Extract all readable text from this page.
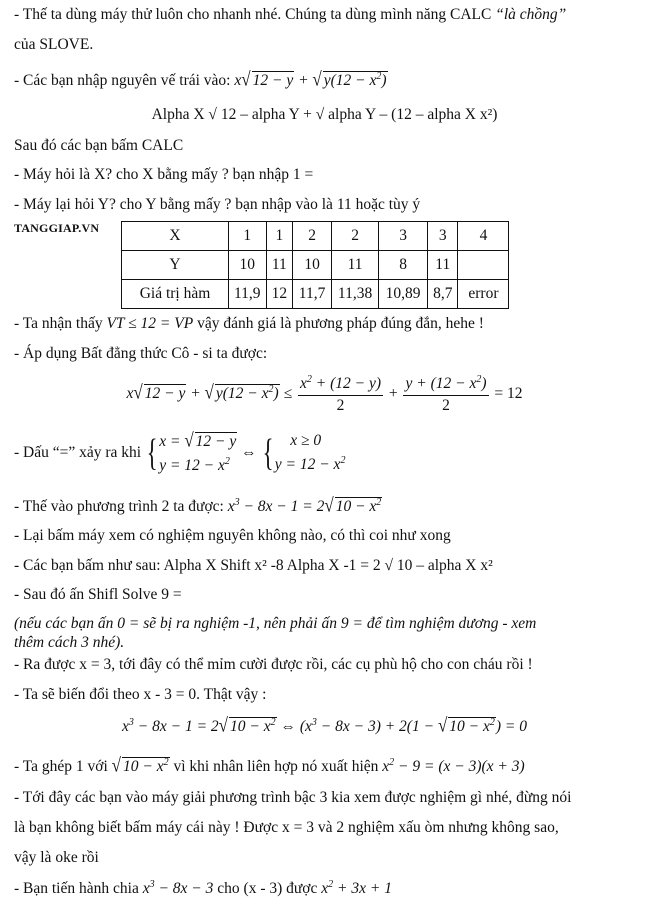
- Thế ta dùng máy thử luôn cho nhanh nhé. Chúng ta dùng mình năng CALC “là chồng”
của SLOVE.
- Các bạn nhập nguyên vế trái vào: x√ 12 − y + √ $y(12 - x^2)$
Alpha X √ 12 – alpha Y + √ alpha Y – (12 – alpha X x²)
Sau đó các bạn bấm CALC
- Máy hỏi là X? cho X bằng mấy ? bạn nhập 1 =
- Máy lại hỏi Y? cho Y bằng mấy ? bạn nhập vào là 11 hoặc tùy ý
TANGGIAP.VN	X	1	1	2	2	3	3	4
Y	10	11	10	11	8	11	
Giá trị hàm	11,9	12	11,7	11,38	10,89	8,7	error
- Ta nhận thấy VT ≤ 12 = VP vậy đánh giá là phương pháp đúng đắn, hehe !
- Áp dụng Bất đẳng thức Cô - si ta được:
x√ 12 − y + √ $y(12 - x^2) \le \frac{x^2 + (12 - y)}{2} + \frac{y + (12 - x^2)}{2} = 12$
- Dấu “=” xảy ra khi { x = √ 12 − y
$y = 12 - x^2$
⇔ { x ≥ 0
$y = 12 - x^2$
- Thế vào phương trình 2 ta được: $x^3 - 8x - 1 = 2√$ $10 - x^2$
- Lại bấm máy xem có nghiệm nguyên không nào, có thì coi như xong
- Các bạn bấm như sau: Alpha X Shift x² -8 Alpha X -1 = 2 √ 10 – alpha X x²
- Sau đó ấn Shifl Solve 9 =
(nếu các bạn ấn 0 = sẽ bị ra nghiệm -1, nên phải ấn 9 = để tìm nghiệm dương - xem
thêm cách 3 nhé).
- Ra được x = 3, tới đây có thể mỉm cười được rồi, các cụ phù hộ cho con cháu rồi !
- Ta sẽ biến đổi theo x - 3 = 0. Thật vậy :
$x^3 - 8x - 1 = 2√$ $10 - x^2$ ⇔ $(x^3 - 8x - 3) + 2(1$ − √ $10 - x^2) = 0$
- Ta ghép 1 với √ $10 - x^2$ vì khi nhân liên hợp nó xuất hiện $x^2 - 9 = (x - 3)(x + 3)$
- Tới đây các bạn vào máy giải phương trình bậc 3 kia xem được nghiệm gì nhé, đừng nói
là bạn không biết bấm máy cái này ! Được x = 3 và 2 nghiệm xấu òm nhưng không sao,
vậy là oke rồi
- Bạn tiến hành chia $x^3 - 8x - 3$ cho (x - 3) được $x^2 + 3x + 1$
